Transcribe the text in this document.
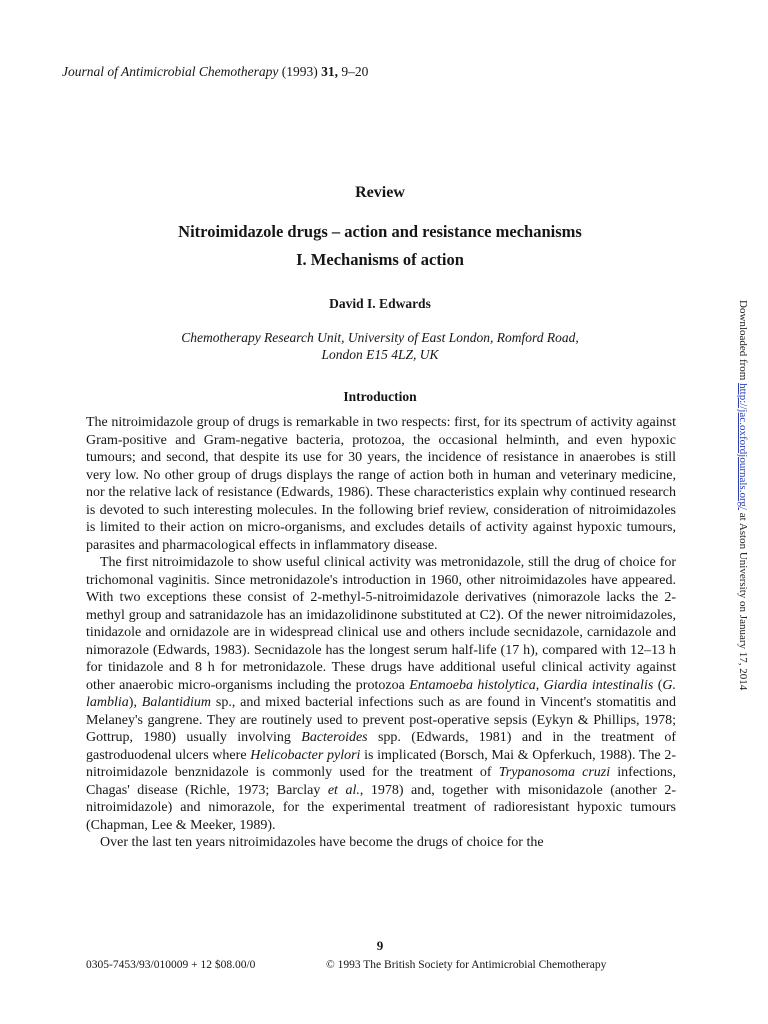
Journal of Antimicrobial Chemotherapy (1993) 31, 9–20
Review
Nitroimidazole drugs – action and resistance mechanisms
I. Mechanisms of action
David I. Edwards
Chemotherapy Research Unit, University of East London, Romford Road,
London E15 4LZ, UK
Introduction

The nitroimidazole group of drugs is remarkable in two respects: first, for its spectrum of activity against Gram-positive and Gram-negative bacteria, protozoa, the occasional helminth, and even hypoxic tumours; and second, that despite its use for 30 years, the incidence of resistance in anaerobes is still very low. No other group of drugs displays the range of action both in human and veterinary medicine, nor the relative lack of resistance (Edwards, 1986). These characteristics explain why continued research is devoted to such interesting molecules. In the following brief review, consideration of nitroimidazoles is limited to their action on micro-organisms, and excludes details of activity against hypoxic tumours, parasites and pharmacological effects in inflammatory disease.

The first nitroimidazole to show useful clinical activity was metronidazole, still the drug of choice for trichomonal vaginitis. Since metronidazole's introduction in 1960, other nitroimidazoles have appeared. With two exceptions these consist of 2-methyl-5-nitroimidazole derivatives (nimorazole lacks the 2-methyl group and satranidazole has an imidazolidinone substituted at C2). Of the newer nitroimidazoles, tinidazole and ornidazole are in widespread clinical use and others include secnidazole, carnidazole and nimorazole (Edwards, 1983). Secnidazole has the longest serum half-life (17 h), compared with 12–13 h for tinidazole and 8 h for metronidazole. These drugs have additional useful clinical activity against other anaerobic micro-organisms including the protozoa Entamoeba histolytica, Giardia intestinalis (G. lamblia), Balantidium sp., and mixed bacterial infections such as are found in Vincent's stomatitis and Melaney's gangrene. They are routinely used to prevent post-operative sepsis (Eykyn & Phillips, 1978; Gottrup, 1980) usually involving Bacteroides spp. (Edwards, 1981) and in the treatment of gastroduodenal ulcers where Helicobacter pylori is implicated (Borsch, Mai & Opferkuch, 1988). The 2-nitroimidazole benznidazole is commonly used for the treatment of Trypanosoma cruzi infections, Chagas' disease (Richle, 1973; Barclay et al., 1978) and, together with misonidazole (another 2-nitroimidazole) and nimorazole, for the experimental treatment of radioresistant hypoxic tumours (Chapman, Lee & Meeker, 1989).

Over the last ten years nitroimidazoles have become the drugs of choice for the

9
0305-7453/93/010009 + 12 $08.00/0	© 1993 The British Society for Antimicrobial Chemotherapy
Downloaded from http://jac.oxfordjournals.org/ at Aston University on January 17, 2014
